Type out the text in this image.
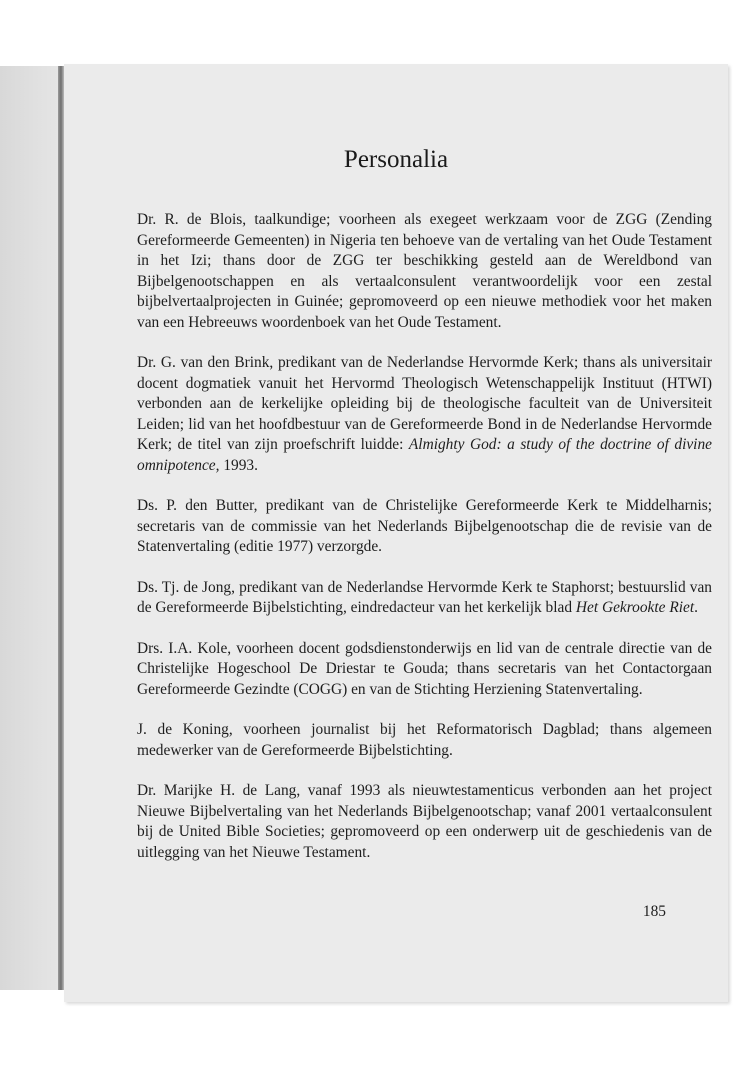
Personalia

Dr. R. de Blois, taalkundige; voorheen als exegeet werkzaam voor de ZGG (Zending Gereformeerde Gemeenten) in Nigeria ten behoeve van de vertaling van het Oude Testament in het Izi; thans door de ZGG ter beschikking gesteld aan de Wereldbond van Bijbelgenootschappen en als vertaalconsulent verantwoordelijk voor een zestal bijbelvertaalprojecten in Guinée; gepromoveerd op een nieuwe methodiek voor het maken van een Hebreeuws woordenboek van het Oude Testament.

Dr. G. van den Brink, predikant van de Nederlandse Hervormde Kerk; thans als universitair docent dogmatiek vanuit het Hervormd Theologisch Wetenschappelijk Instituut (HTWI) verbonden aan de kerkelijke opleiding bij de theologische faculteit van de Universiteit Leiden; lid van het hoofdbestuur van de Gereformeerde Bond in de Nederlandse Hervormde Kerk; de titel van zijn proefschrift luidde: Almighty God: a study of the doctrine of divine omnipotence, 1993.

Ds. P. den Butter, predikant van de Christelijke Gereformeerde Kerk te Middelharnis; secretaris van de commissie van het Nederlands Bijbelgenootschap die de revisie van de Statenvertaling (editie 1977) verzorgde.

Ds. Tj. de Jong, predikant van de Nederlandse Hervormde Kerk te Staphorst; bestuurslid van de Gereformeerde Bijbelstichting, eindredacteur van het kerkelijk blad Het Gekrookte Riet.

Drs. I.A. Kole, voorheen docent godsdienstonderwijs en lid van de centrale directie van de Christelijke Hogeschool De Driestar te Gouda; thans secretaris van het Contactorgaan Gereformeerde Gezindte (COGG) en van de Stichting Herziening Statenvertaling.

J. de Koning, voorheen journalist bij het Reformatorisch Dagblad; thans algemeen medewerker van de Gereformeerde Bijbelstichting.

Dr. Marijke H. de Lang, vanaf 1993 als nieuwtestamenticus verbonden aan het project Nieuwe Bijbelvertaling van het Nederlands Bijbelgenootschap; vanaf 2001 vertaalconsulent bij de United Bible Societies; gepromoveerd op een onderwerp uit de geschiedenis van de uitlegging van het Nieuwe Testament.

185
